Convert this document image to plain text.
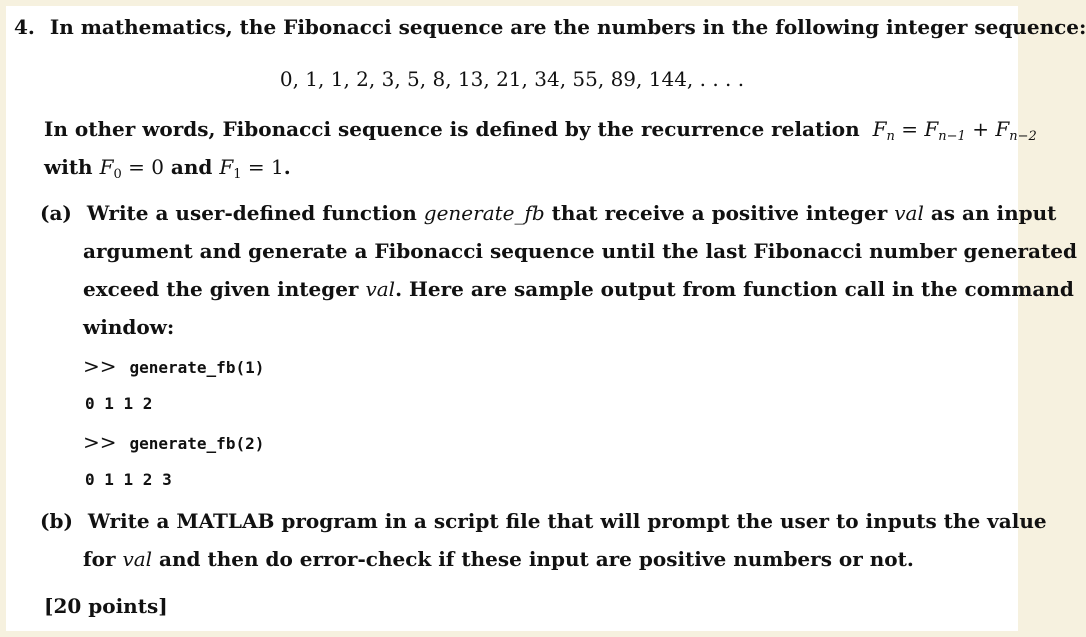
4. In mathematics, the Fibonacci sequence are the numbers in the following integer sequence:
0, 1, 1, 2, 3, 5, 8, 13, 21, 34, 55, 89, 144, . . . .
In other words, Fibonacci sequence is defined by the recurrence relation $F_n = F_{n-1} + F_{n-2}$
with $F_0 = 0$ and $F_1 = 1$.
(a) Write a user-defined function generate_fb that receive a positive integer val as an input
argument and generate a Fibonacci sequence until the last Fibonacci number generated
exceed the given integer val. Here are sample output from function call in the command
window:
>> generate_fb(1)
0 1 1 2
>> generate_fb(2)
0 1 1 2 3
(b) Write a MATLAB program in a script file that will prompt the user to inputs the value
for val and then do error-check if these input are positive numbers or not.
[20 points]
